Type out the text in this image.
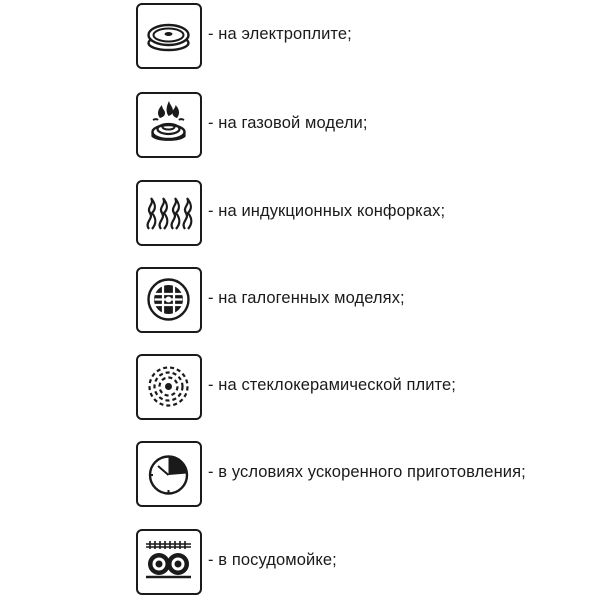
- на электроплите;
- на газовой модели;
- на индукционных конфорках;
- на галогенных моделях;
- на стеклокерамической плите;
- в условиях ускоренного приготовления;
- в посудомойке;
